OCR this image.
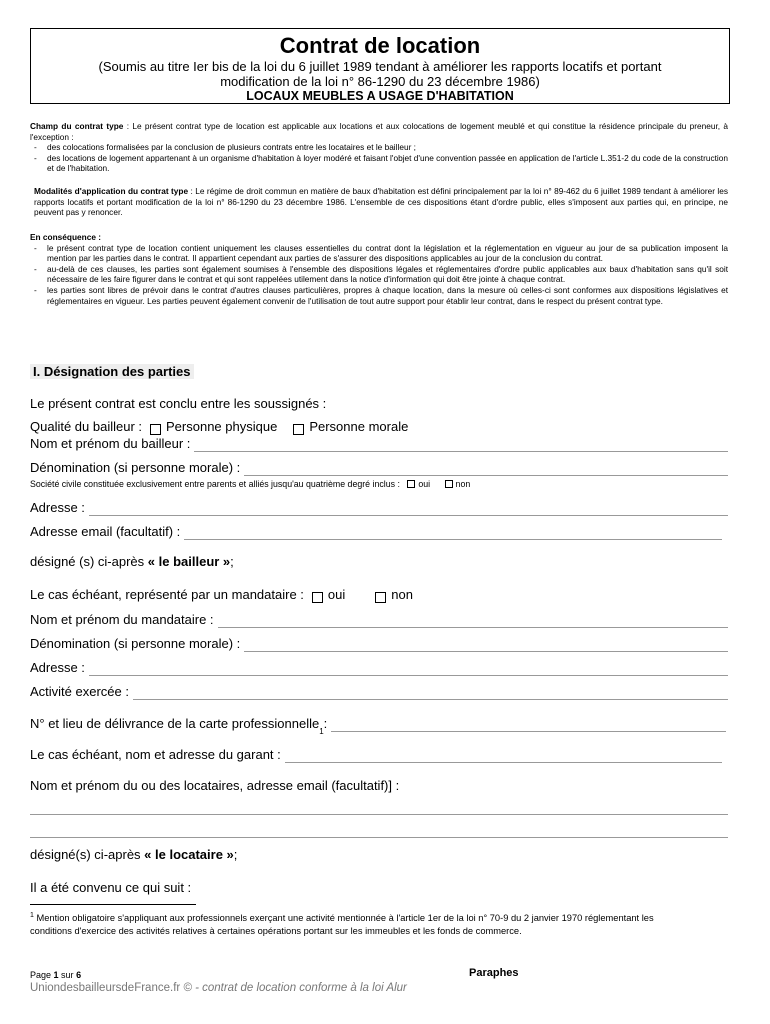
Contrat de location
(Soumis au titre Ier bis de la loi du 6 juillet 1989 tendant à améliorer les rapports locatifs et portant
modification de la loi n° 86-1290 du 23 décembre 1986)
LOCAUX MEUBLES A USAGE D'HABITATION
Champ du contrat type : Le présent contrat type de location est applicable aux locations et aux colocations de logement meublé et qui constitue la résidence principale du preneur, à l'exception :
- des colocations formalisées par la conclusion de plusieurs contrats entre les locataires et le bailleur ;
- des locations de logement appartenant à un organisme d'habitation à loyer modéré et faisant l'objet d'une convention passée en application de l'article L.351-2 du code de la construction et de l'habitation.
Modalités d'application du contrat type : Le régime de droit commun en matière de baux d'habitation est défini principalement par la loi n° 89-462 du 6 juillet 1989 tendant à améliorer les rapports locatifs et portant modification de la loi n° 86-1290 du 23 décembre 1986. L'ensemble de ces dispositions étant d'ordre public, elles s'imposent aux parties qui, en principe, ne peuvent pas y renoncer.
En conséquence :
- le présent contrat type de location contient uniquement les clauses essentielles du contrat dont la législation et la réglementation en vigueur au jour de sa publication imposent la mention par les parties dans le contrat. Il appartient cependant aux parties de s'assurer des dispositions applicables au jour de la conclusion du contrat.
- au-delà de ces clauses, les parties sont également soumises à l'ensemble des dispositions légales et réglementaires d'ordre public applicables aux baux d'habitation sans qu'il soit nécessaire de les faire figurer dans le contrat et qui sont rappelées utilement dans la notice d'information qui doit être jointe à chaque contrat.
- les parties sont libres de prévoir dans le contrat d'autres clauses particulières, propres à chaque location, dans la mesure où celles-ci sont conformes aux dispositions législatives et réglementaires en vigueur. Les parties peuvent également convenir de l'utilisation de tout autre support pour établir leur contrat, dans le respect du présent contrat type.
I. Désignation des parties
Le présent contrat est conclu entre les soussignés :
Qualité du bailleur : Personne physique Personne morale
Nom et prénom du bailleur :
Dénomination (si personne morale) :
Société civile constituée exclusivement entre parents et alliés jusqu'au quatrième degré inclus : oui	non
Adresse :
Adresse email (facultatif) :
désigné (s) ci-après
« le bailleur » ;
Le cas échéant, représenté par un mandataire : oui	non
Nom et prénom du mandataire :
Dénomination (si personne morale) :
Adresse :
Activité exercée :
N° et lieu de délivrance de la carte professionnelle
1
:
Le cas échéant, nom et adresse du garant :
Nom et prénom du ou des locataires, adresse email (facultatif)] :
désigné(s) ci-après
« le locataire » ;
Il a été convenu ce qui suit :
$^1$ Mention obligatoire s'appliquant aux professionnels exerçant une activité mentionnée à l'article 1er de la loi n° 70-9 du 2 janvier 1970 réglementant les conditions d'exercice des activités relatives à certaines opérations portant sur les immeubles et les fonds de commerce.
Page 1 sur 6	Paraphes
UniondesbailleursdeFrance.fr © - contrat de location conforme à la loi Alur
